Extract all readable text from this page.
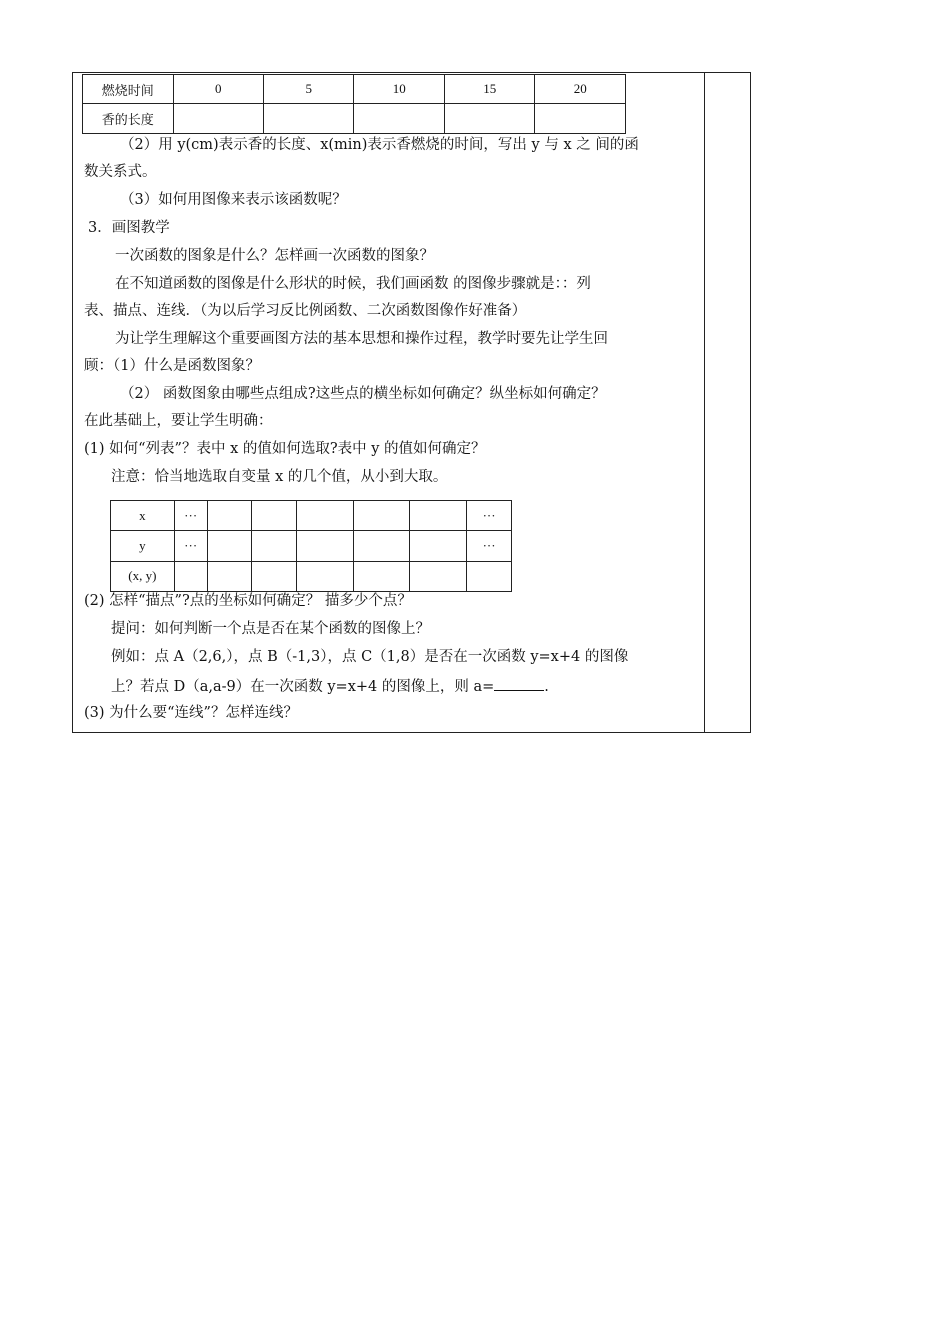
燃烧时间	0	5	10	15	20
香的长度					
（2）用 y(cm)表示香的长度、x(min)表示香燃烧的时间，写出 y 与 x 之 间的函
数关系式。
（3）如何用图像来表示该函数呢？
3．画图教学
一次函数的图象是什么？怎样画一次函数的图象？
在不知道函数的图像是什么形状的时候，我们画函数 的图像步骤就是：：列
表、描点、连线．（为以后学习反比例函数、二次函数图像作好准备）
为让学生理解这个重要画图方法的基本思想和操作过程，教学时要先让学生回
顾：（1）什么是函数图象？
（2） 函数图象由哪些点组成?这些点的横坐标如何确定？纵坐标如何确定？
在此基础上，要让学生明确：
(1) 如何“列表”？表中 x 的值如何选取?表中 y 的值如何确定？
注意：恰当地选取自变量 x 的几个值，从小到大取。
x	···						···
y	···						···
(x, y)							
(2) 怎样“描点”?点的坐标如何确定？ 描多少个点？
提问：如何判断一个点是否在某个函数的图像上？
例如：点 A（2,6,），点 B（-1,3），点 C（1,8）是否在一次函数 y=x+4 的图像
上？若点 D（a,a-9）在一次函数 y=x+4 的图像上，则 a=	.
(3) 为什么要“连线”？怎样连线？
